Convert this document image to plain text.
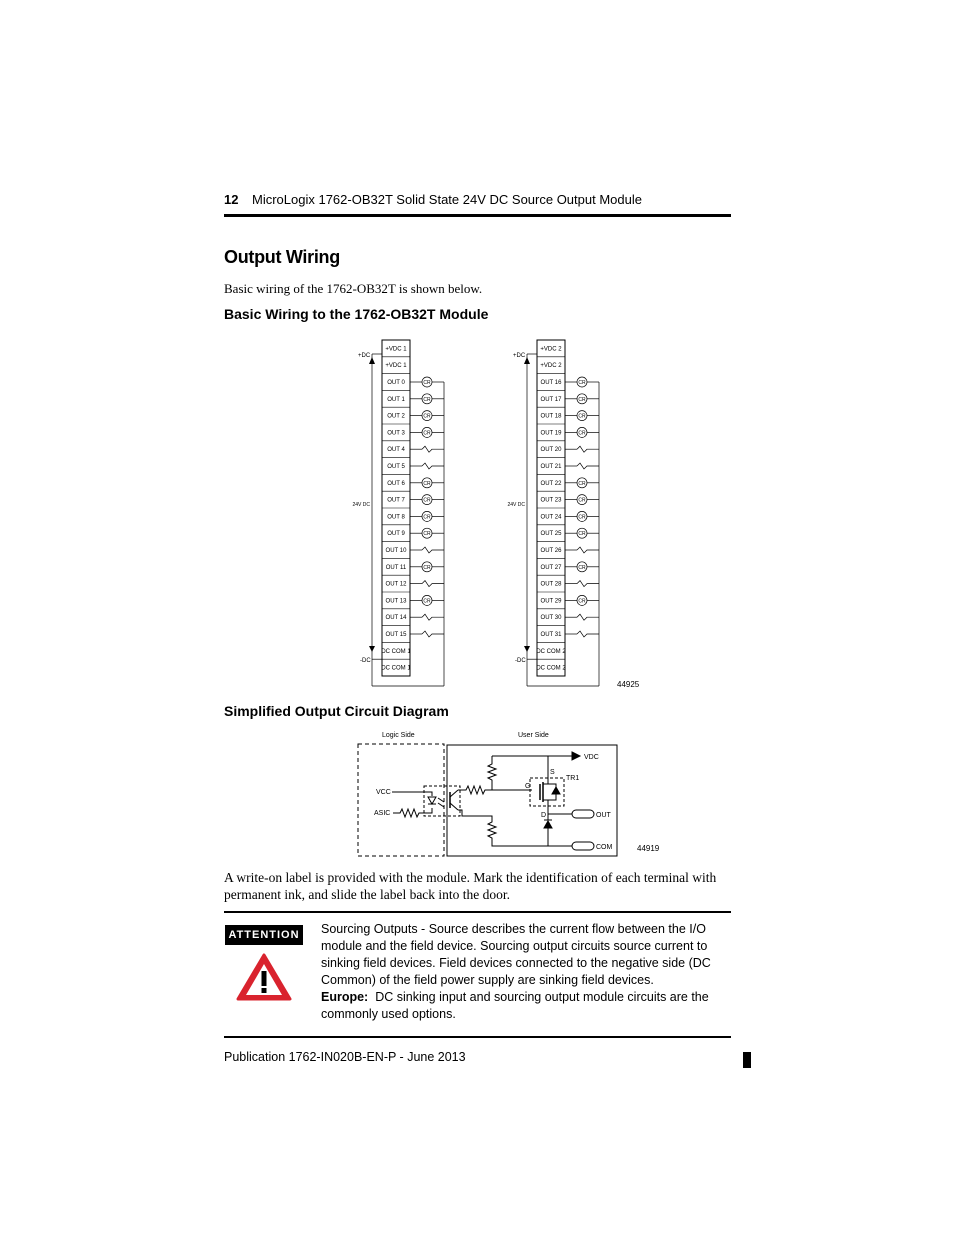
12 MicroLogix 1762-OB32T Solid State 24V DC Source Output Module
Output Wiring
Basic wiring of the 1762-OB32T is shown below.
Basic Wiring to the 1762-OB32T Module
+VDC 1
+VDC 1
OUT 0	CR
OUT 1	CR
OUT 2	CR
OUT 3	CR
OUT 4
OUT 5
OUT 6	CR
OUT 7	CR
OUT 8	CR
OUT 9	CR
OUT 10
OUT 11	CR
OUT 12
OUT 13	CR
OUT 14
OUT 15
DC COM 1
DC COM 1
+DC
-DC
24V DC
+VDC 2
+VDC 2
OUT 16	CR
OUT 17	CR
OUT 18	CR
OUT 19	CR
OUT 20
OUT 21
OUT 22	CR
OUT 23	CR
OUT 24	CR
OUT 25	CR
OUT 26
OUT 27	CR
OUT 28
OUT 29	CR
OUT 30
OUT 31
DC COM 2
DC COM 2
+DC
-DC
24V DC
44925
Simplified Output Circuit Diagram
Logic Side	User Side
VCC
ASIC
VDC
S
TR1
G
D	OUT
COM	44919
A write-on label is provided with the module. Mark the identification of each terminal with permanent ink, and slide the label back into the door.
ATTENTION Sourcing Outputs - Source describes the current flow between the I/O module and the field device. Sourcing output circuits source current to sinking field devices. Field devices connected to the negative side (DC Common) of the field power supply are sinking field devices.
Europe: DC sinking input and sourcing output module circuits are the commonly used options.
Publication 1762-IN020B-EN-P - June 2013
